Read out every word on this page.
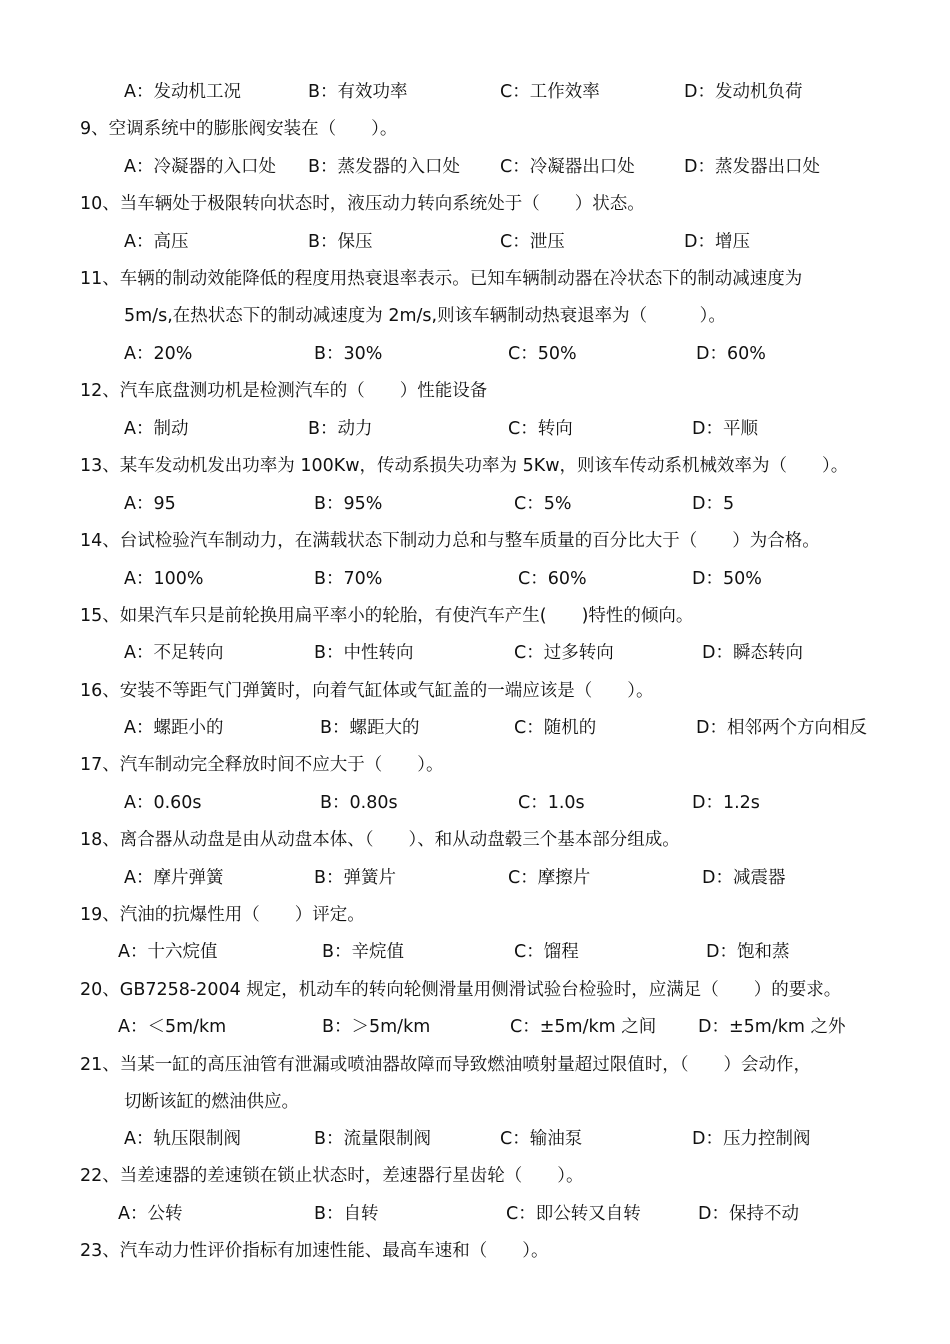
A：发动机工况	B：有效功率	C：工作效率	D：发动机负荷
9、空调系统中的膨胀阀安装在（　　）。
A：冷凝器的入口处 B：蒸发器的入口处 C：冷凝器出口处	D：蒸发器出口处
10、当车辆处于极限转向状态时，液压动力转向系统处于（　　）状态。
A：高压	B：保压	C：泄压	D：增压
11、车辆的制动效能降低的程度用热衰退率表示。已知车辆制动器在冷状态下的制动减速度为
5m/s,在热状态下的制动减速度为 2m/s,则该车辆制动热衰退率为（　　　）。
A：20%	B：30%	C：50%	D：60%
12、汽车底盘测功机是检测汽车的（　　）性能设备
A：制动	B：动力	C：转向	D：平顺
13、某车发动机发出功率为 100Kw，传动系损失功率为 5Kw，则该车传动系机械效率为（　　）。
A：95	B：95%	C：5%	D：5
14、台试检验汽车制动力，在满载状态下制动力总和与整车质量的百分比大于（　　）为合格。
A：100%	B：70%	C：60%	D：50%
15、如果汽车只是前轮换用扁平率小的轮胎，有使汽车产生(　　)特性的倾向。
A：不足转向	B：中性转向	C：过多转向	D：瞬态转向
16、安装不等距气门弹簧时，向着气缸体或气缸盖的一端应该是（　　）。
A：螺距小的	B：螺距大的	C：随机的	D：相邻两个方向相反
17、汽车制动完全释放时间不应大于（　　）。
A：0.60s	B：0.80s	C：1.0s	D：1.2s
18、离合器从动盘是由从动盘本体、（　　）、和从动盘毂三个基本部分组成。
A：摩片弹簧	B：弹簧片	C：摩擦片	D：减震器
19、汽油的抗爆性用（　　）评定。
A：十六烷值	B：辛烷值	C：馏程	D：饱和蒸
20、GB7258-2004 规定，机动车的转向轮侧滑量用侧滑试验台检验时，应满足（　　）的要求。
A：＜5m/km	B：＞5m/km	C：±5m/km 之间 D：±5m/km 之外
21、当某一缸的高压油管有泄漏或喷油器故障而导致燃油喷射量超过限值时，（　　）会动作，
切断该缸的燃油供应。
A：轨压限制阀	B：流量限制阀	C：输油泵	D：压力控制阀
22、当差速器的差速锁在锁止状态时，差速器行星齿轮（　　）。
A：公转	B：自转	C：即公转又自转	D：保持不动
23、汽车动力性评价指标有加速性能、最高车速和（　　）。
